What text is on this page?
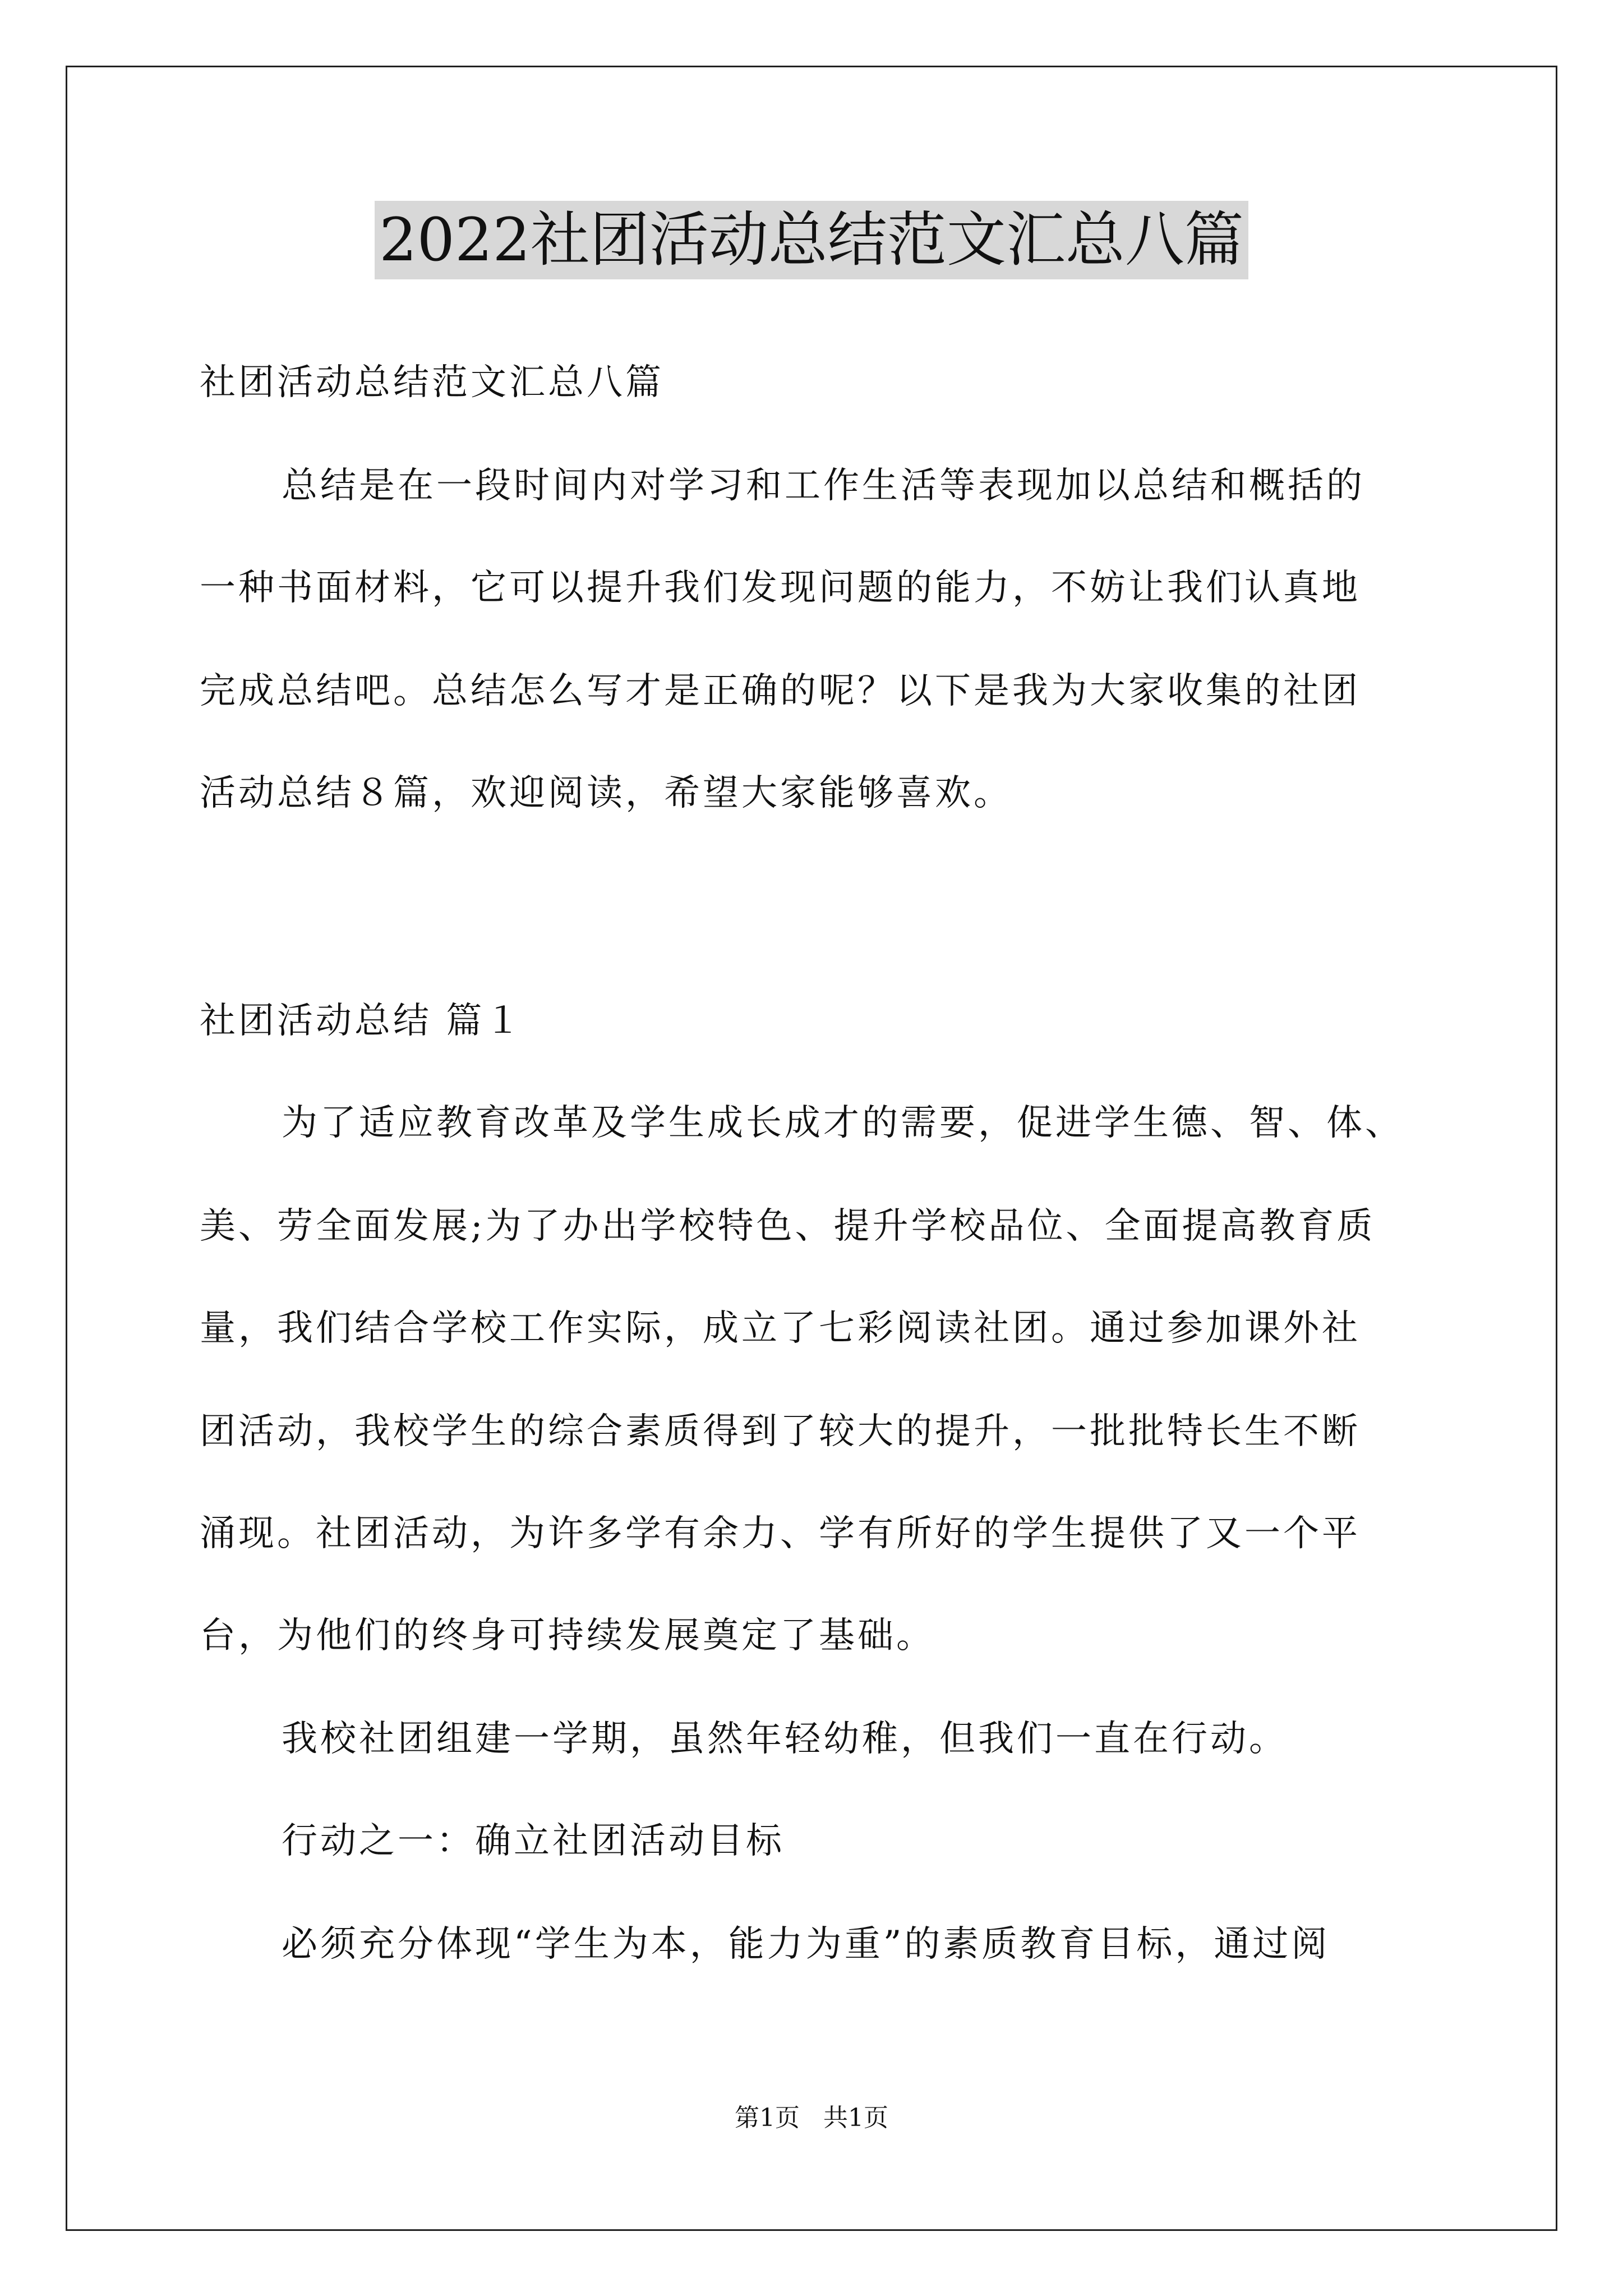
2022社团活动总结范文汇总八篇
社团活动总结范文汇总八篇
总结是在一段时间内对学习和工作生活等表现加以总结和概括的
一种书面材料，它可以提升我们发现问题的能力，不妨让我们认真地
完成总结吧。总结怎么写才是正确的呢？以下是我为大家收集的社团
活动总结８篇，欢迎阅读，希望大家能够喜欢。
社团活动总结 篇１
为了适应教育改革及学生成长成才的需要，促进学生德、智、体、
美、劳全面发展;为了办出学校特色、提升学校品位、全面提高教育质
量，我们结合学校工作实际，成立了七彩阅读社团。通过参加课外社
团活动，我校学生的综合素质得到了较大的提升，一批批特长生不断
涌现。社团活动，为许多学有余力、学有所好的学生提供了又一个平
台，为他们的终身可持续发展奠定了基础。
我校社团组建一学期，虽然年轻幼稚，但我们一直在行动。
行动之一：确立社团活动目标
必须充分体现“学生为本，能力为重”的素质教育目标，通过阅
第1页 共1页
